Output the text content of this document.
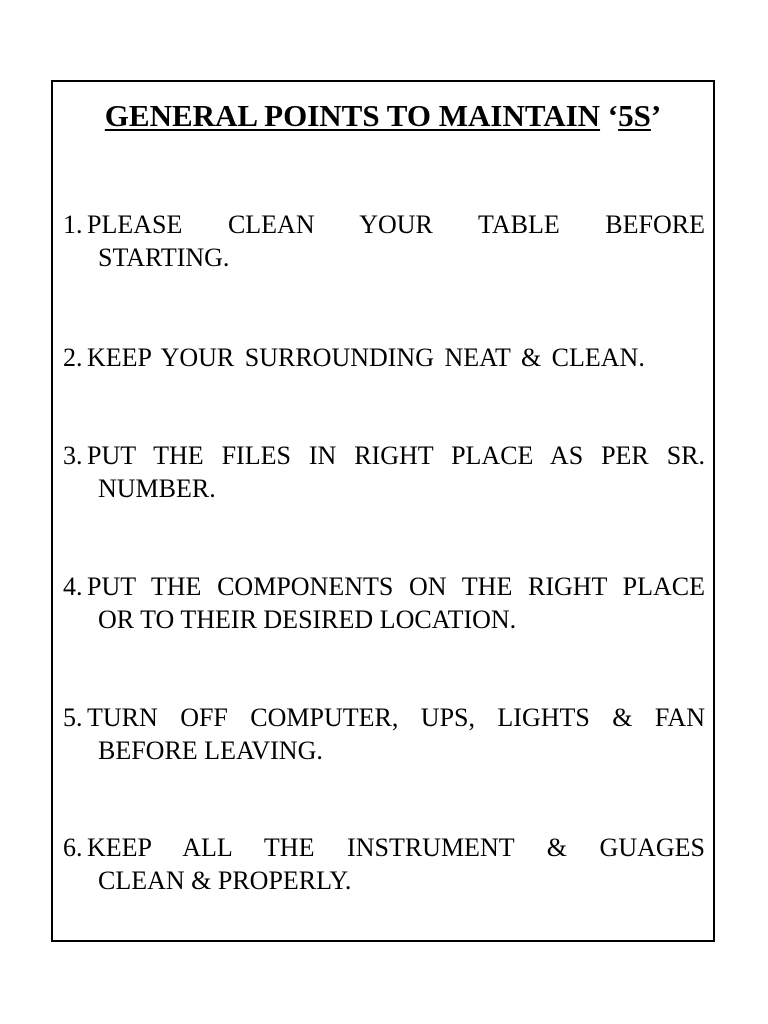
GENERAL POINTS TO MAINTAIN ‘5S’
1. PLEASE CLEAN YOUR TABLE BEFORE
STARTING.
2. KEEP YOUR SURROUNDING NEAT & CLEAN.
3. PUT THE FILES IN RIGHT PLACE AS PER SR.
NUMBER.
4. PUT THE COMPONENTS ON THE RIGHT PLACE
OR TO THEIR DESIRED LOCATION.
5. TURN OFF COMPUTER, UPS, LIGHTS & FAN
BEFORE LEAVING.
6. KEEP ALL THE INSTRUMENT & GUAGES
CLEAN & PROPERLY.
